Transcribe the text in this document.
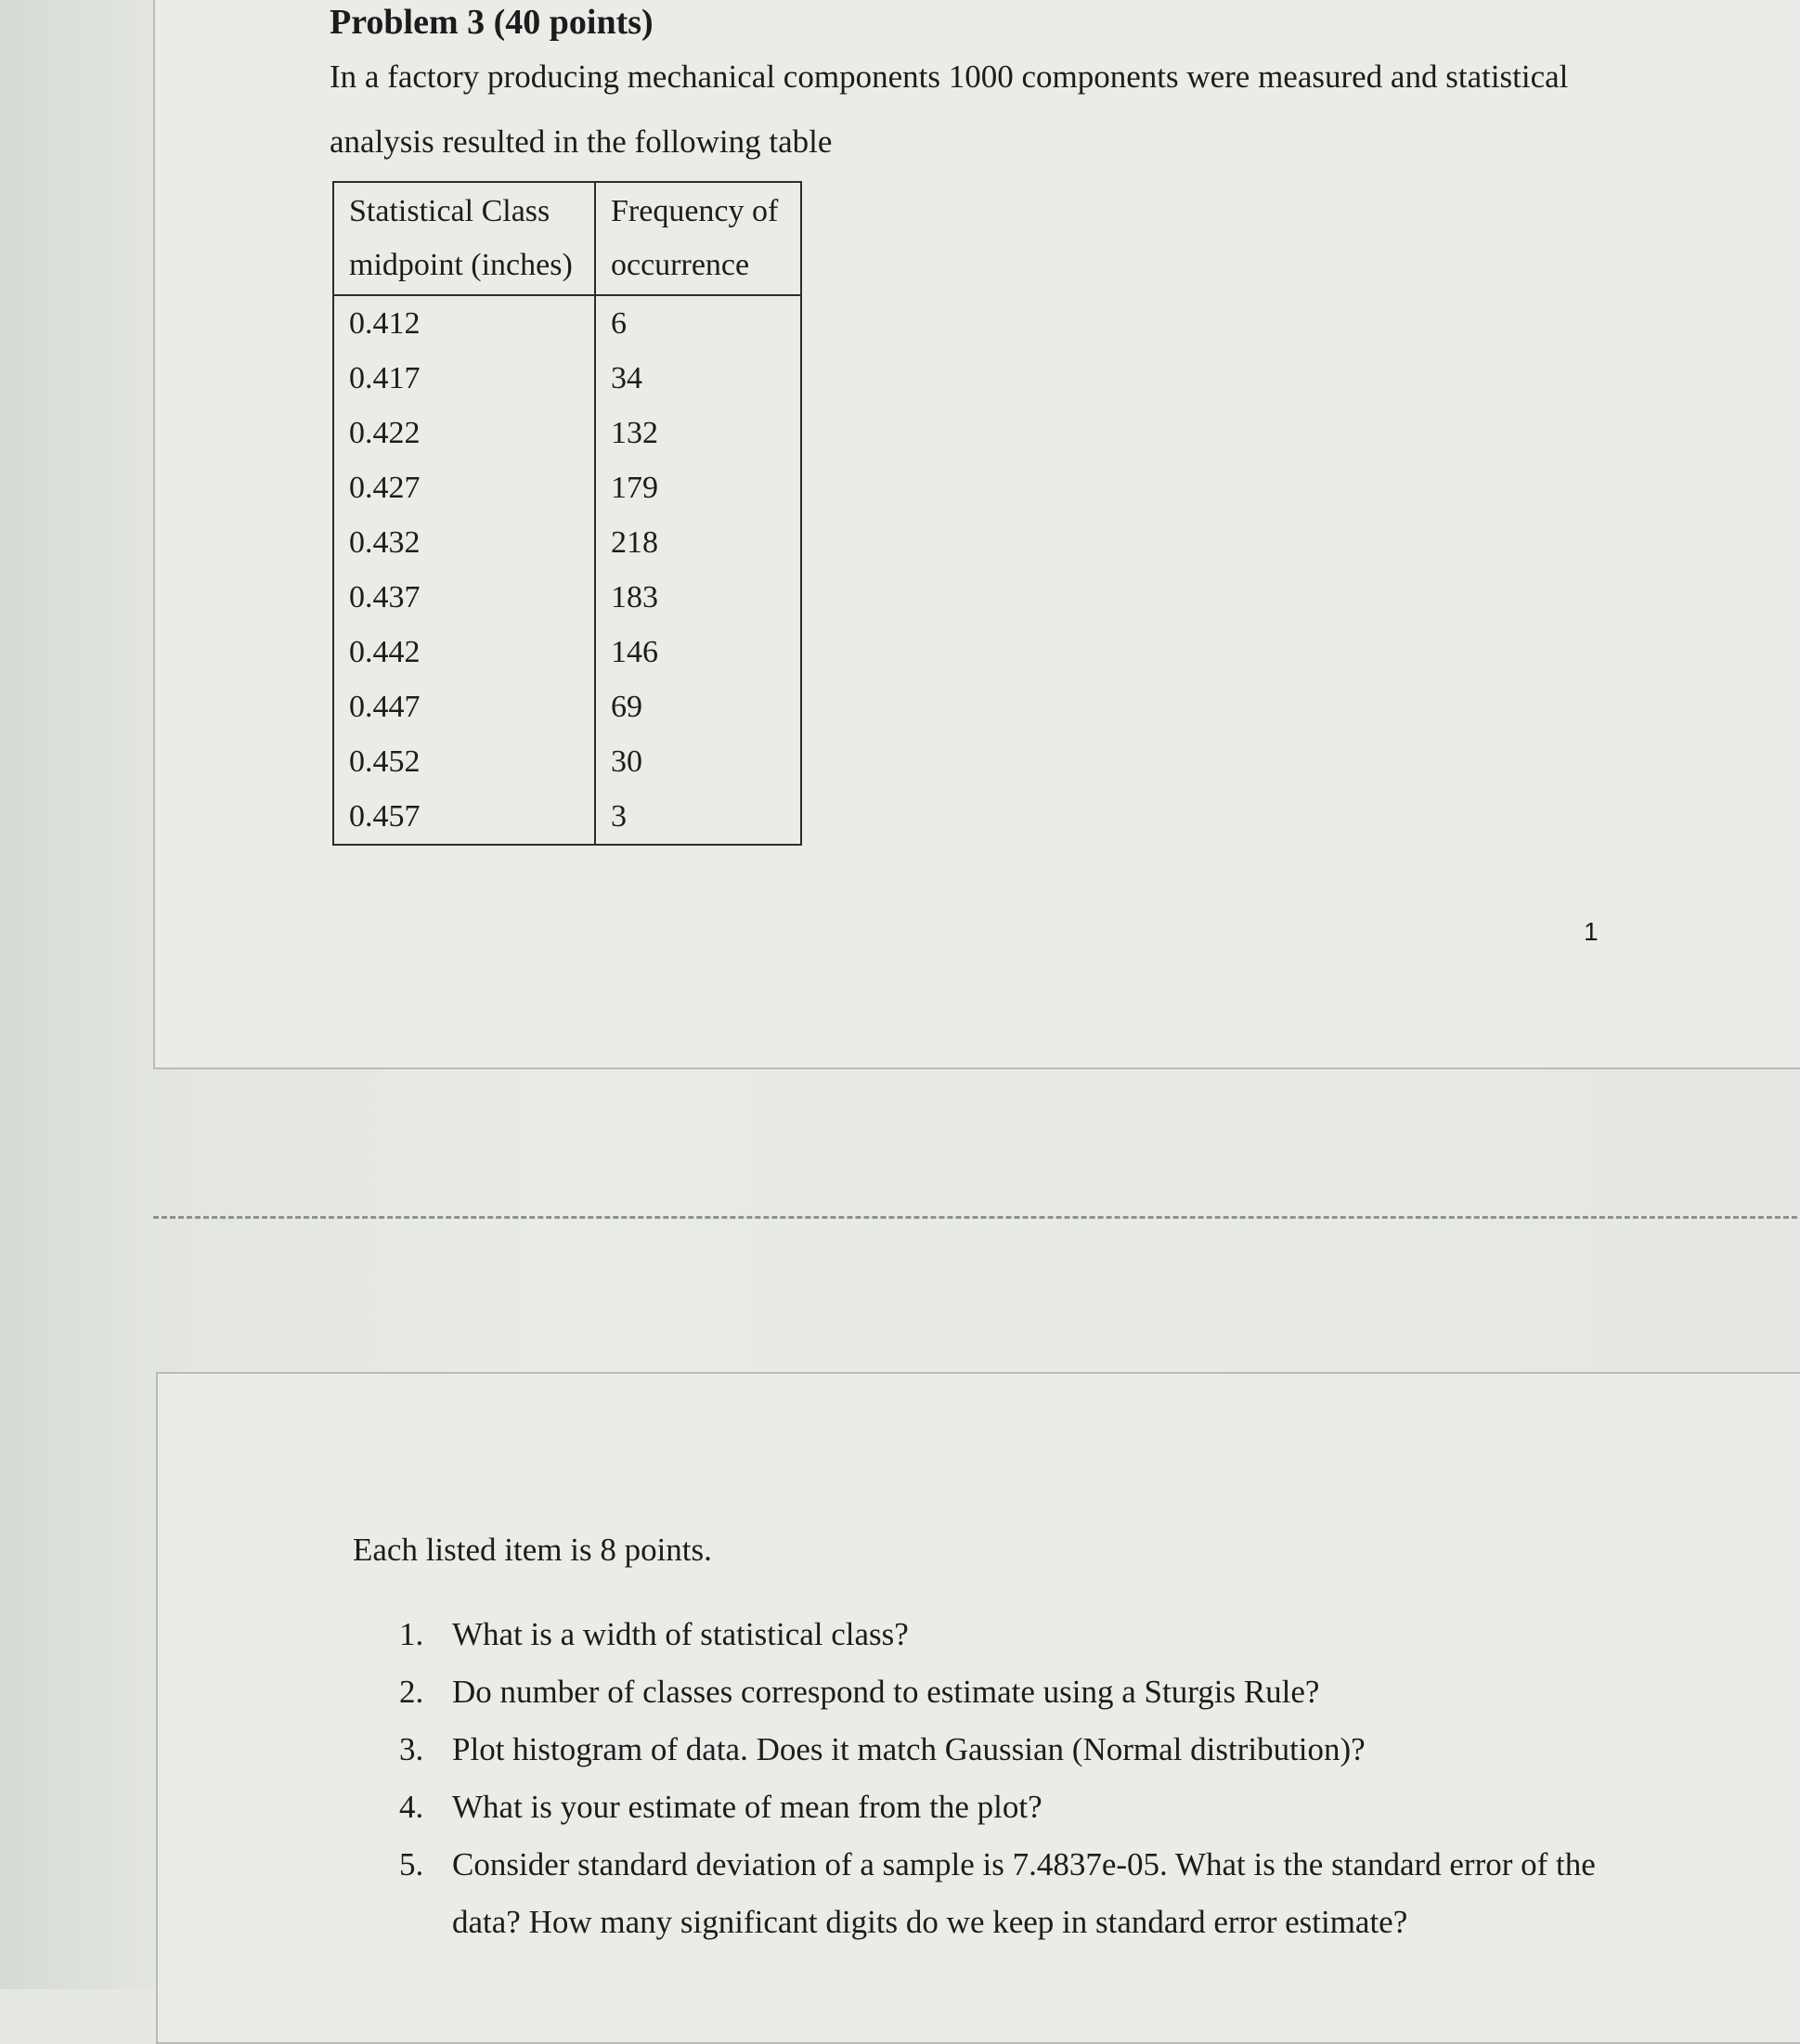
Problem 3 (40 points)

In a factory producing mechanical components 1000 components were measured and statistical analysis resulted in the following table

Statistical Class midpoint (inches)	Frequency of occurrence
0.412	6
0.417	34
0.422	132
0.427	179
0.432	218
0.437	183
0.442	146
0.447	69
0.452	30
0.457	3
1

Each listed item is 8 points.

1. What is a width of statistical class?
2. Do number of classes correspond to estimate using a Sturgis Rule?
3. Plot histogram of data. Does it match Gaussian (Normal distribution)?
4. What is your estimate of mean from the plot?
5. Consider standard deviation of a sample is 7.4837e-05. What is the standard error of the data? How many significant digits do we keep in standard error estimate?
